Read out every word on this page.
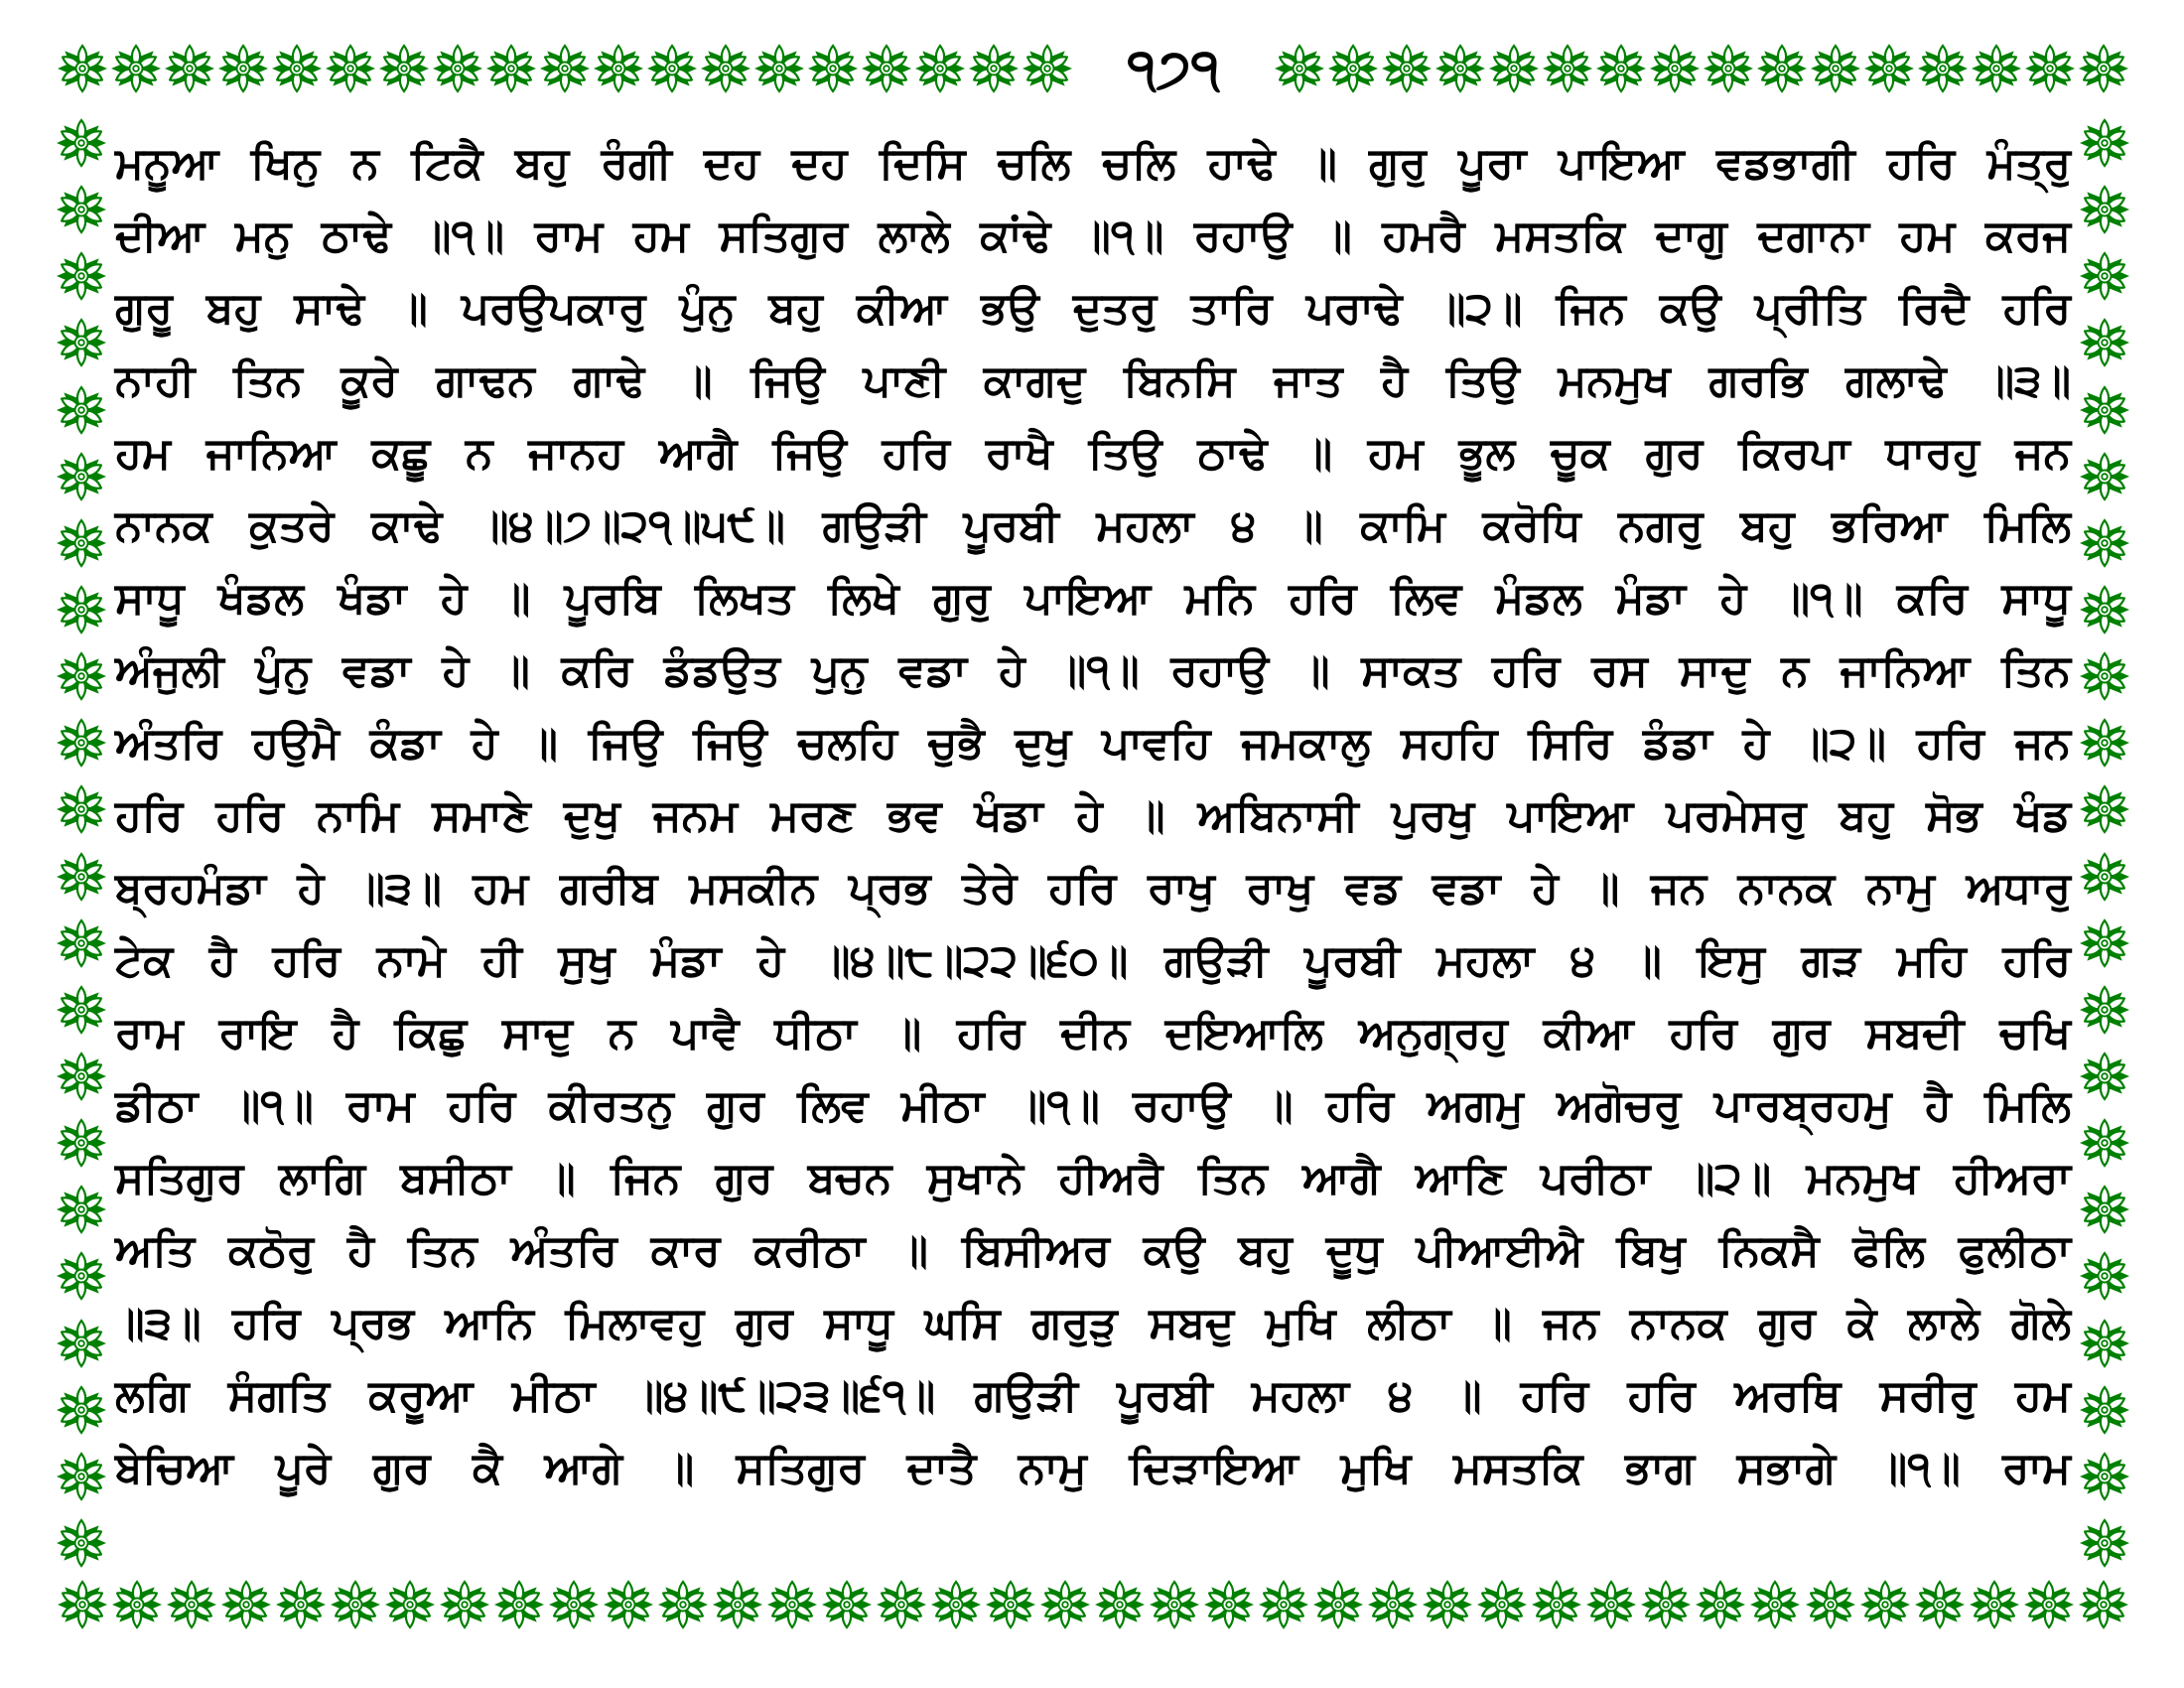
੧੭੧
ਮਨੂਆ ਖਿਨੁ ਨ ਟਿਕੈ ਬਹੁ ਰੰਗੀ ਦਹ ਦਹ ਦਿਸਿ ਚਲਿ ਚਲਿ ਹਾਢੇ ॥ ਗੁਰੁ ਪੂਰਾ ਪਾਇਆ ਵਡਭਾਗੀ ਹਰਿ ਮੰਤ੍ਰੁ
ਦੀਆ ਮਨੁ ਠਾਢੇ ॥੧॥ ਰਾਮ ਹਮ ਸਤਿਗੁਰ ਲਾਲੇ ਕਾਂਢੇ ॥੧॥ ਰਹਾਉ ॥ ਹਮਰੈ ਮਸਤਕਿ ਦਾਗੁ ਦਗਾਨਾ ਹਮ ਕਰਜ
ਗੁਰੂ ਬਹੁ ਸਾਢੇ ॥ ਪਰਉਪਕਾਰੁ ਪੁੰਨੁ ਬਹੁ ਕੀਆ ਭਉ ਦੁਤਰੁ ਤਾਰਿ ਪਰਾਢੇ ॥੨॥ ਜਿਨ ਕਉ ਪ੍ਰੀਤਿ ਰਿਦੈ ਹਰਿ
ਨਾਹੀ ਤਿਨ ਕੂਰੇ ਗਾਢਨ ਗਾਢੇ ॥ ਜਿਉ ਪਾਣੀ ਕਾਗਦੁ ਬਿਨਸਿ ਜਾਤ ਹੈ ਤਿਉ ਮਨਮੁਖ ਗਰਭਿ ਗਲਾਢੇ ॥੩॥
ਹਮ ਜਾਨਿਆ ਕਛੂ ਨ ਜਾਨਹ ਆਗੈ ਜਿਉ ਹਰਿ ਰਾਖੈ ਤਿਉ ਠਾਢੇ ॥ ਹਮ ਭੂਲ ਚੂਕ ਗੁਰ ਕਿਰਪਾ ਧਾਰਹੁ ਜਨ
ਨਾਨਕ ਕੁਤਰੇ ਕਾਢੇ ॥੪॥੭॥੨੧॥੫੯॥ ਗਉੜੀ ਪੂਰਬੀ ਮਹਲਾ ੪ ॥ ਕਾਮਿ ਕਰੋਧਿ ਨਗਰੁ ਬਹੁ ਭਰਿਆ ਮਿਲਿ
ਸਾਧੂ ਖੰਡਲ ਖੰਡਾ ਹੇ ॥ ਪੂਰਬਿ ਲਿਖਤ ਲਿਖੇ ਗੁਰੁ ਪਾਇਆ ਮਨਿ ਹਰਿ ਲਿਵ ਮੰਡਲ ਮੰਡਾ ਹੇ ॥੧॥ ਕਰਿ ਸਾਧੂ
ਅੰਜੁਲੀ ਪੁੰਨੁ ਵਡਾ ਹੇ ॥ ਕਰਿ ਡੰਡਉਤ ਪੁਨੁ ਵਡਾ ਹੇ ॥੧॥ ਰਹਾਉ ॥ ਸਾਕਤ ਹਰਿ ਰਸ ਸਾਦੁ ਨ ਜਾਨਿਆ ਤਿਨ
ਅੰਤਰਿ ਹਉਮੈ ਕੰਡਾ ਹੇ ॥ ਜਿਉ ਜਿਉ ਚਲਹਿ ਚੁਭੈ ਦੁਖੁ ਪਾਵਹਿ ਜਮਕਾਲੁ ਸਹਹਿ ਸਿਰਿ ਡੰਡਾ ਹੇ ॥੨॥ ਹਰਿ ਜਨ
ਹਰਿ ਹਰਿ ਨਾਮਿ ਸਮਾਣੇ ਦੁਖੁ ਜਨਮ ਮਰਣ ਭਵ ਖੰਡਾ ਹੇ ॥ ਅਬਿਨਾਸੀ ਪੁਰਖੁ ਪਾਇਆ ਪਰਮੇਸਰੁ ਬਹੁ ਸੋਭ ਖੰਡ
ਬ੍ਰਹਮੰਡਾ ਹੇ ॥੩॥ ਹਮ ਗਰੀਬ ਮਸਕੀਨ ਪ੍ਰਭ ਤੇਰੇ ਹਰਿ ਰਾਖੁ ਰਾਖੁ ਵਡ ਵਡਾ ਹੇ ॥ ਜਨ ਨਾਨਕ ਨਾਮੁ ਅਧਾਰੁ
ਟੇਕ ਹੈ ਹਰਿ ਨਾਮੇ ਹੀ ਸੁਖੁ ਮੰਡਾ ਹੇ ॥੪॥੮॥੨੨॥੬੦॥ ਗਉੜੀ ਪੂਰਬੀ ਮਹਲਾ ੪ ॥ ਇਸੁ ਗੜ ਮਹਿ ਹਰਿ
ਰਾਮ ਰਾਇ ਹੈ ਕਿਛੁ ਸਾਦੁ ਨ ਪਾਵੈ ਧੀਠਾ ॥ ਹਰਿ ਦੀਨ ਦਇਆਲਿ ਅਨੁਗ੍ਰਹੁ ਕੀਆ ਹਰਿ ਗੁਰ ਸਬਦੀ ਚਖਿ
ਡੀਠਾ ॥੧॥ ਰਾਮ ਹਰਿ ਕੀਰਤਨੁ ਗੁਰ ਲਿਵ ਮੀਠਾ ॥੧॥ ਰਹਾਉ ॥ ਹਰਿ ਅਗਮੁ ਅਗੋਚਰੁ ਪਾਰਬ੍ਰਹਮੁ ਹੈ ਮਿਲਿ
ਸਤਿਗੁਰ ਲਾਗਿ ਬਸੀਠਾ ॥ ਜਿਨ ਗੁਰ ਬਚਨ ਸੁਖਾਨੇ ਹੀਅਰੈ ਤਿਨ ਆਗੈ ਆਣਿ ਪਰੀਠਾ ॥੨॥ ਮਨਮੁਖ ਹੀਅਰਾ
ਅਤਿ ਕਠੋਰੁ ਹੈ ਤਿਨ ਅੰਤਰਿ ਕਾਰ ਕਰੀਠਾ ॥ ਬਿਸੀਅਰ ਕਉ ਬਹੁ ਦੂਧੁ ਪੀਆਈਐ ਬਿਖੁ ਨਿਕਸੈ ਫੋਲਿ ਫੁਲੀਠਾ
॥੩॥ ਹਰਿ ਪ੍ਰਭ ਆਨਿ ਮਿਲਾਵਹੁ ਗੁਰ ਸਾਧੂ ਘਸਿ ਗਰੁੜੁ ਸਬਦੁ ਮੁਖਿ ਲੀਠਾ ॥ ਜਨ ਨਾਨਕ ਗੁਰ ਕੇ ਲਾਲੇ ਗੋਲੇ
ਲਗਿ ਸੰਗਤਿ ਕਰੂਆ ਮੀਠਾ ॥੪॥੯॥੨੩॥੬੧॥ ਗਉੜੀ ਪੂਰਬੀ ਮਹਲਾ ੪ ॥ ਹਰਿ ਹਰਿ ਅਰਥਿ ਸਰੀਰੁ ਹਮ
ਬੇਚਿਆ ਪੂਰੇ ਗੁਰ ਕੈ ਆਗੇ ॥ ਸਤਿਗੁਰ ਦਾਤੈ ਨਾਮੁ ਦਿੜਾਇਆ ਮੁਖਿ ਮਸਤਕਿ ਭਾਗ ਸਭਾਗੇ ॥੧॥ ਰਾਮ
